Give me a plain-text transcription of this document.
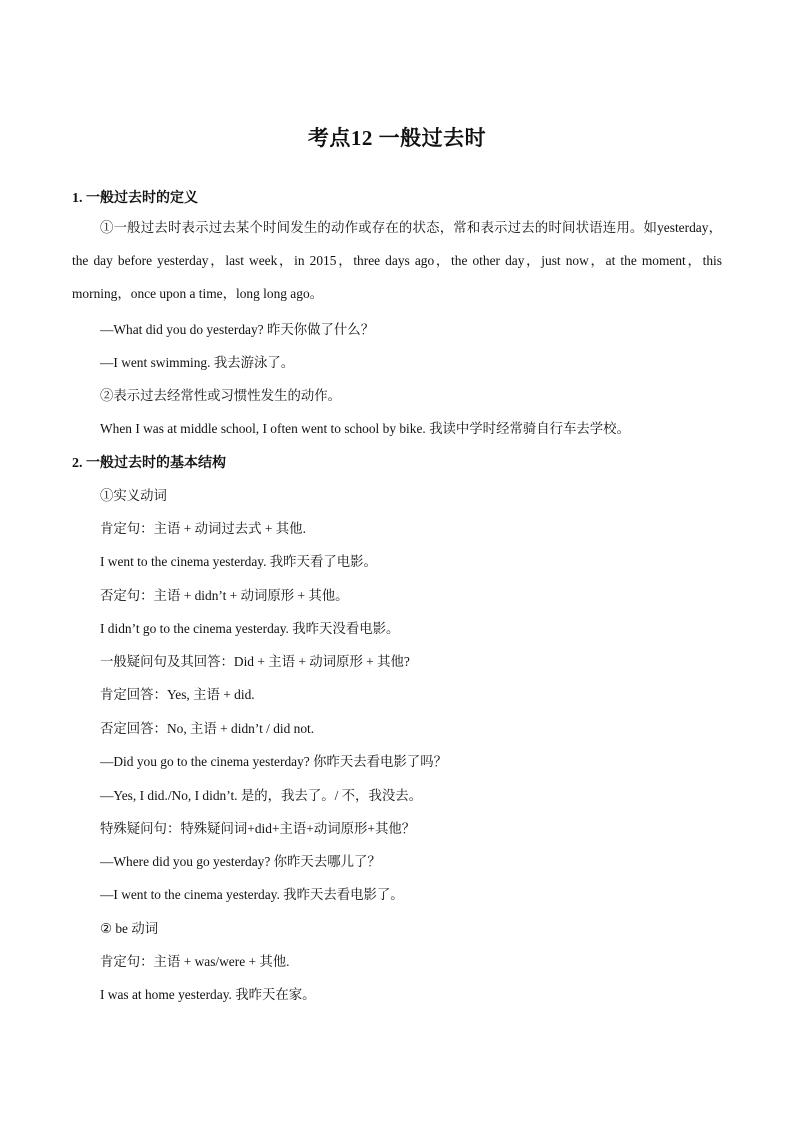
考点12 一般过去时
1. 一般过去时的定义
①一般过去时表示过去某个时间发生的动作或存在的状态，常和表示过去的时间状语连用。如yesterday，the day before yesterday，last week，in 2015，three days ago，the other day，just now，at the moment，this morning，once upon a time，long long ago。
—What did you do yesterday? 昨天你做了什么？
—I went swimming. 我去游泳了。
②表示过去经常性或习惯性发生的动作。
When I was at middle school, I often went to school by bike. 我读中学时经常骑自行车去学校。
2. 一般过去时的基本结构
①实义动词
肯定句：主语 + 动词过去式 + 其他.
I went to the cinema yesterday. 我昨天看了电影。
否定句：主语 + didn’t + 动词原形 + 其他。
I didn’t go to the cinema yesterday. 我昨天没看电影。
一般疑问句及其回答：Did + 主语 + 动词原形 + 其他?
肯定回答：Yes, 主语 + did.
否定回答：No, 主语 + didn’t / did not.
—Did you go to the cinema yesterday? 你昨天去看电影了吗？
—Yes, I did./No, I didn’t. 是的，我去了。/ 不，我没去。
特殊疑问句：特殊疑问词+did+主语+动词原形+其他？
—Where did you go yesterday? 你昨天去哪儿了？
—I went to the cinema yesterday. 我昨天去看电影了。
② be 动词
肯定句：主语 + was/were + 其他.
I was at home yesterday. 我昨天在家。
